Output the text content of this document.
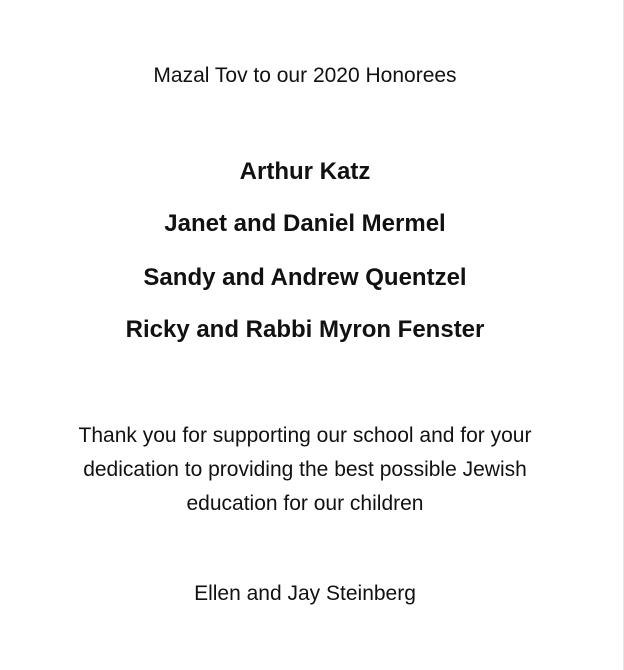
Mazal Tov to our 2020 Honorees
Arthur Katz
Janet and Daniel Mermel
Sandy and Andrew Quentzel
Ricky and Rabbi Myron Fenster
Thank you for supporting our school and for your
dedication to providing the best possible Jewish
education for our children
Ellen and Jay Steinberg
